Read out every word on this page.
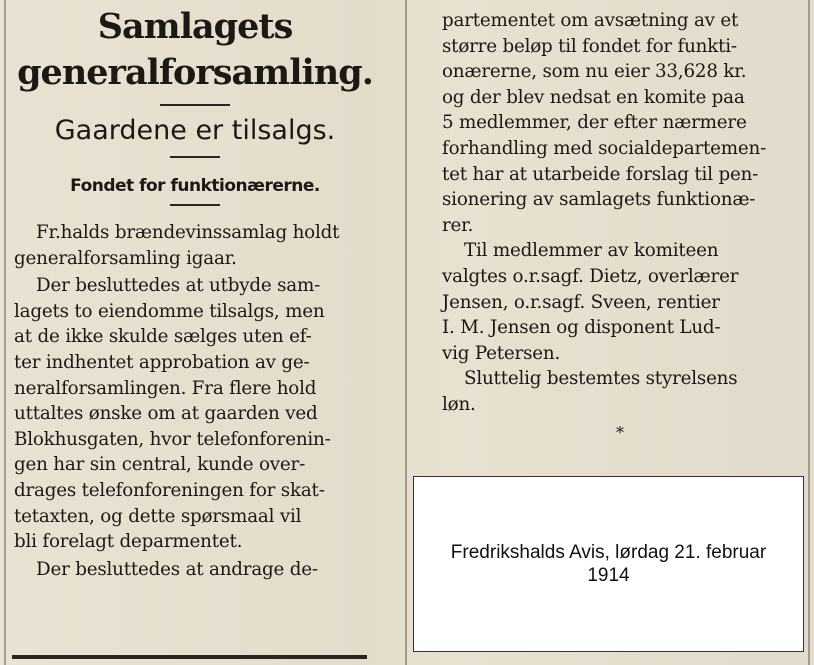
Samlagets
generalforsamling.
Gaardene er tilsalgs.
Fondet for funktionærerne.
Fr.halds brændevinssamlag holdt
generalforsamling igaar.
Der besluttedes at utbyde sam-
lagets to eiendomme tilsalgs, men
at de ikke skulde sælges uten ef-
ter indhentet approbation av ge-
neralforsamlingen. Fra flere hold
uttaltes ønske om at gaarden ved
Blokhusgaten, hvor telefonforenin-
gen har sin central, kunde over-
drages telefonforeningen for skat-
tetaxten, og dette spørsmaal vil
bli forelagt deparmentet.
Der besluttedes at andrage de-
partementet om avsætning av et
større beløp til fondet for funkti-
onærerne, som nu eier 33,628 kr.
og der blev nedsat en komite paa
5 medlemmer, der efter nærmere
forhandling med socialdepartemen-
tet har at utarbeide forslag til pen-
sionering av samlagets funktionæ-
rer.
Til medlemmer av komiteen
valgtes o.r.sagf. Dietz, overlærer
Jensen, o.r.sagf. Sveen, rentier
I. M. Jensen og disponent Lud-
vig Petersen.
Sluttelig bestemtes styrelsens
løn.
*
Fredrikshalds Avis, lørdag 21. februar
1914
